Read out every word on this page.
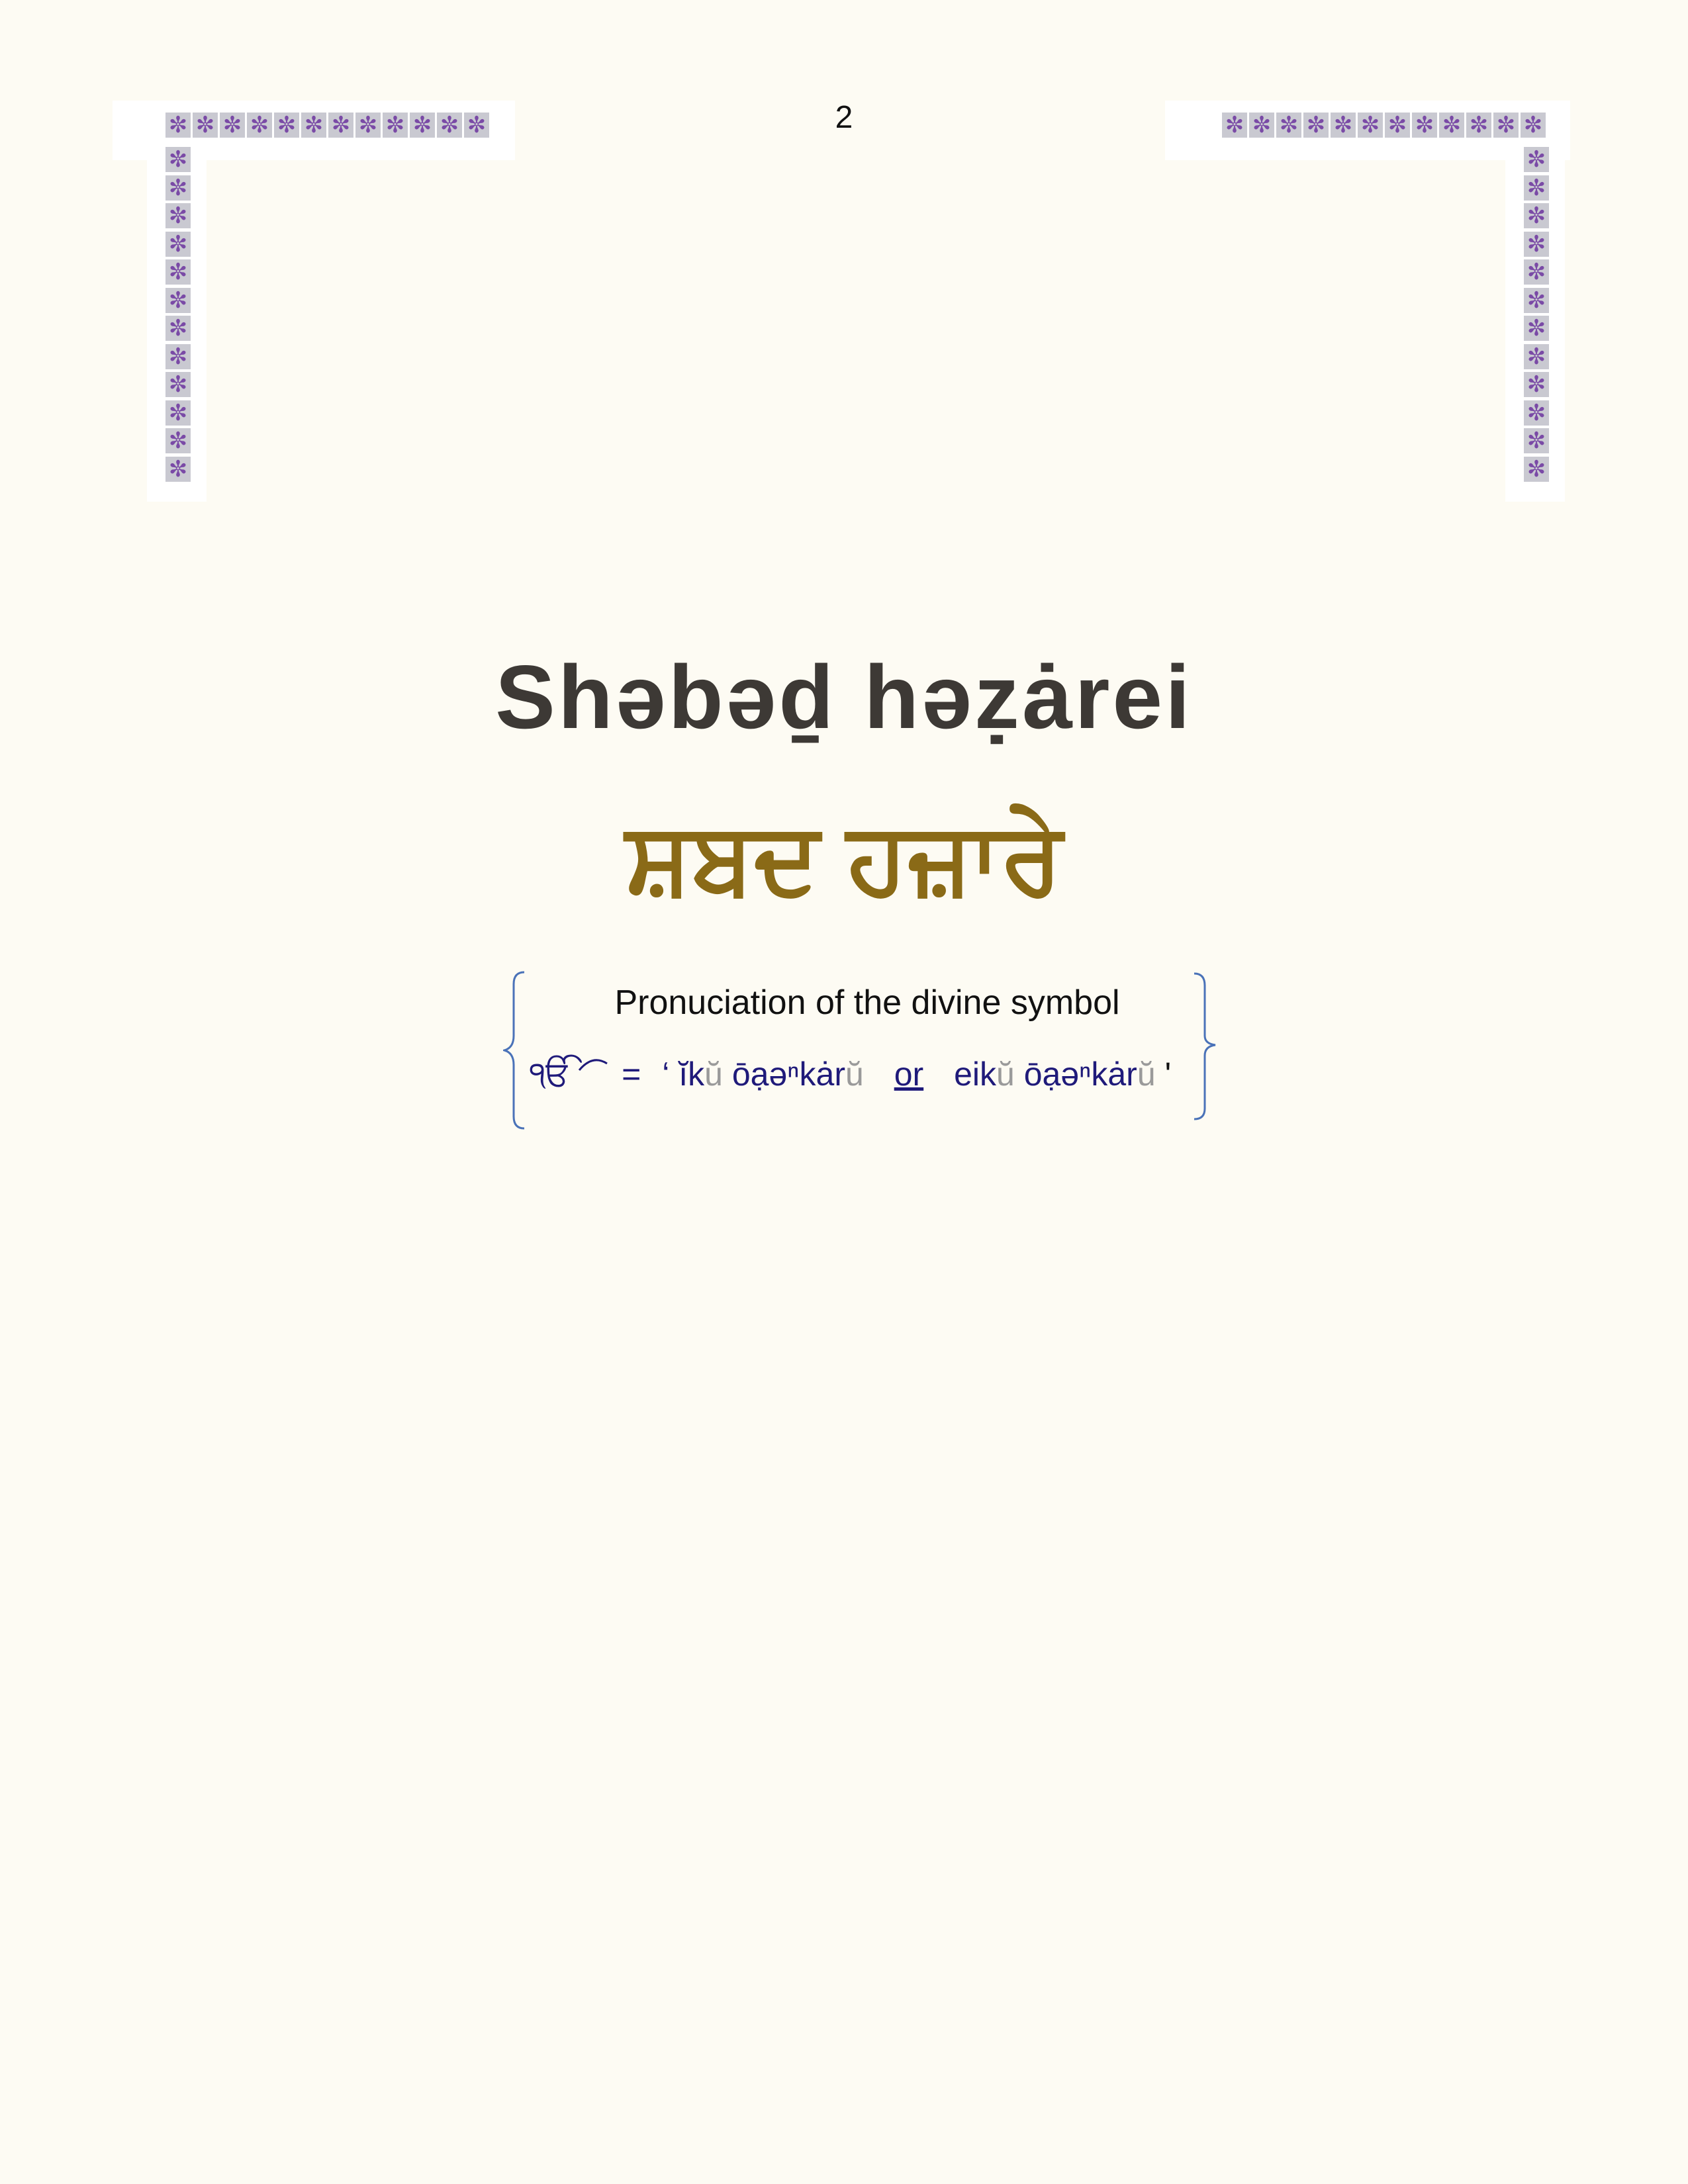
2
✼ ✼ ✼ ✼ ✼ ✼ ✼ ✼ ✼ ✼ ✼ ✼
✼
✼
✼
✼
✼
✼
✼
✼
✼
✼
✼
✼
✼ ✼ ✼ ✼ ✼ ✼ ✼ ✼ ✼ ✼ ✼ ✼
✼
✼
✼
✼
✼
✼
✼
✼
✼
✼
✼
✼
Shəbəḏ həẓȧrei
ਸ਼ਬਦ ਹਜ਼ਾਰੇ
Pronuciation of the divine symbol
ੴ = ‘ ĭkŭ ōạəⁿkȧrŭ or eikŭ ōạəⁿkȧrŭ '
